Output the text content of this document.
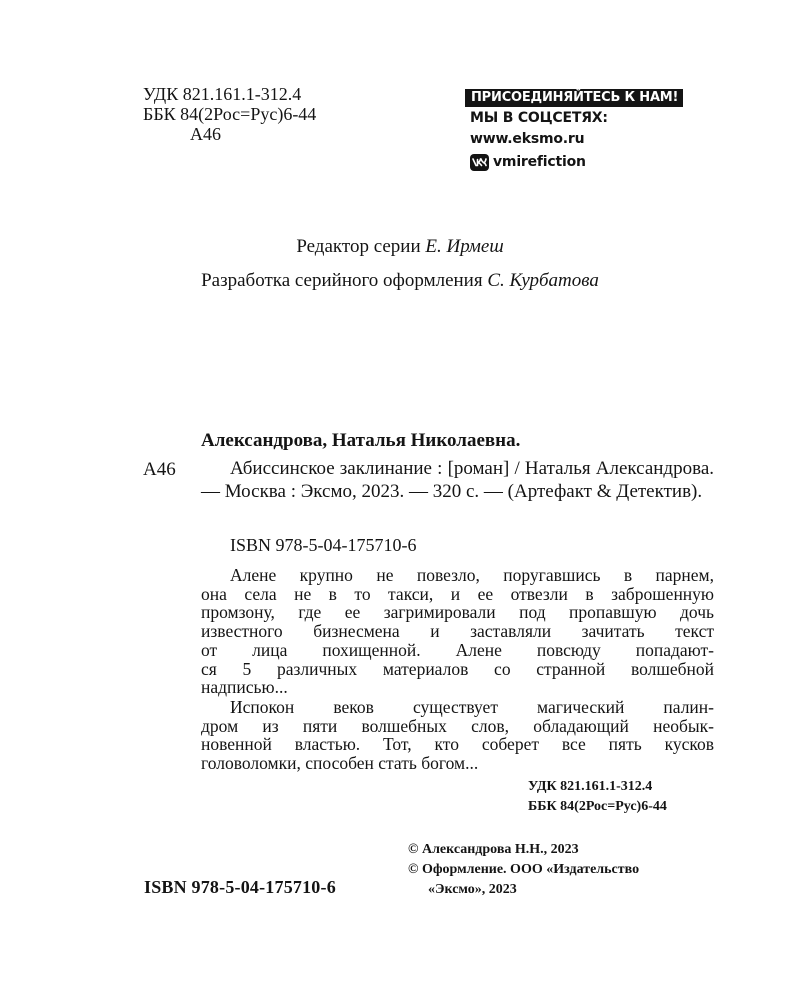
УДК 821.161.1-312.4
ББК 84(2Рос=Рус)6-44
А46
ПРИСОЕДИНЯЙТЕСЬ К НАМ!
МЫ В СОЦСЕТЯХ:
www.eksmo.ru
vmirefiction
Редактор серии Е. Ирмеш
Разработка серийного оформления С. Курбатова
Александрова, Наталья Николаевна.
А46	Абиссинское заклинание : [роман] / Наталья Александрова. — Москва : Эксмо, 2023. — 320 с. — (Артефакт & Детектив).
ISBN 978-5-04-175710-6

Алене крупно не повезло, поругавшись в парнем,
она села не в то такси, и ее отвезли в заброшенную
промзону, где ее загримировали под пропавшую дочь
известного бизнесмена и заставляли зачитать текст
от лица похищенной. Алене повсюду попадают-
ся 5 различных материалов со странной волшебной
надписью...

Испокон веков существует магический палин-
дром из пяти волшебных слов, обладающий необык-
новенной властью. Тот, кто соберет все пять кусков
головоломки, способен стать богом...

УДК 821.161.1-312.4
ББК 84(2Рос=Рус)6-44
© Александрова Н.Н., 2023
© Оформление. ООО «Издательство
«Эксмо», 2023
ISBN 978-5-04-175710-6
